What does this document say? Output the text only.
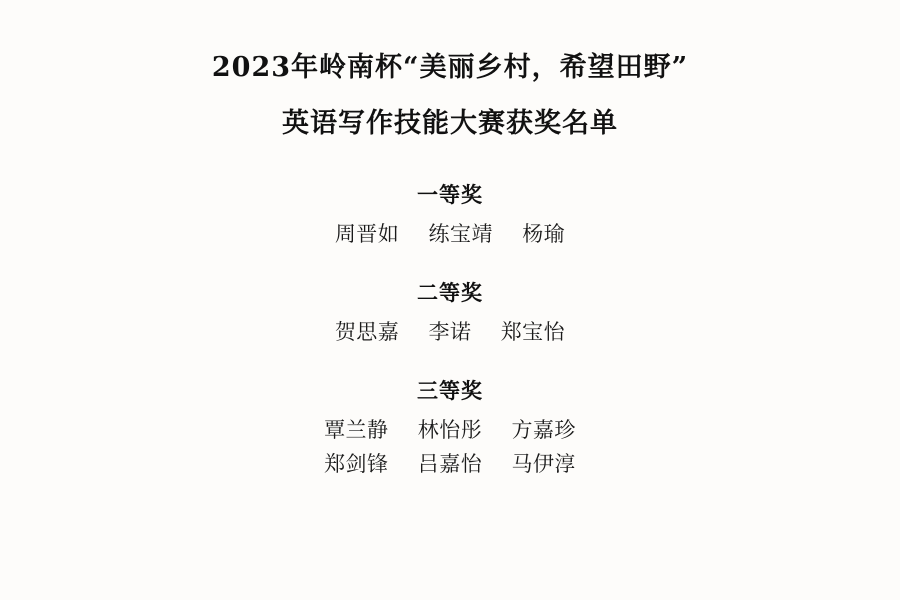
2023年岭南杯“美丽乡村，希望田野”
英语写作技能大赛获奖名单
一等奖
周晋如 练宝靖 杨瑜
二等奖
贺思嘉 李诺 郑宝怡
三等奖
覃兰静 林怡彤 方嘉珍
郑剑锋 吕嘉怡 马伊淳
